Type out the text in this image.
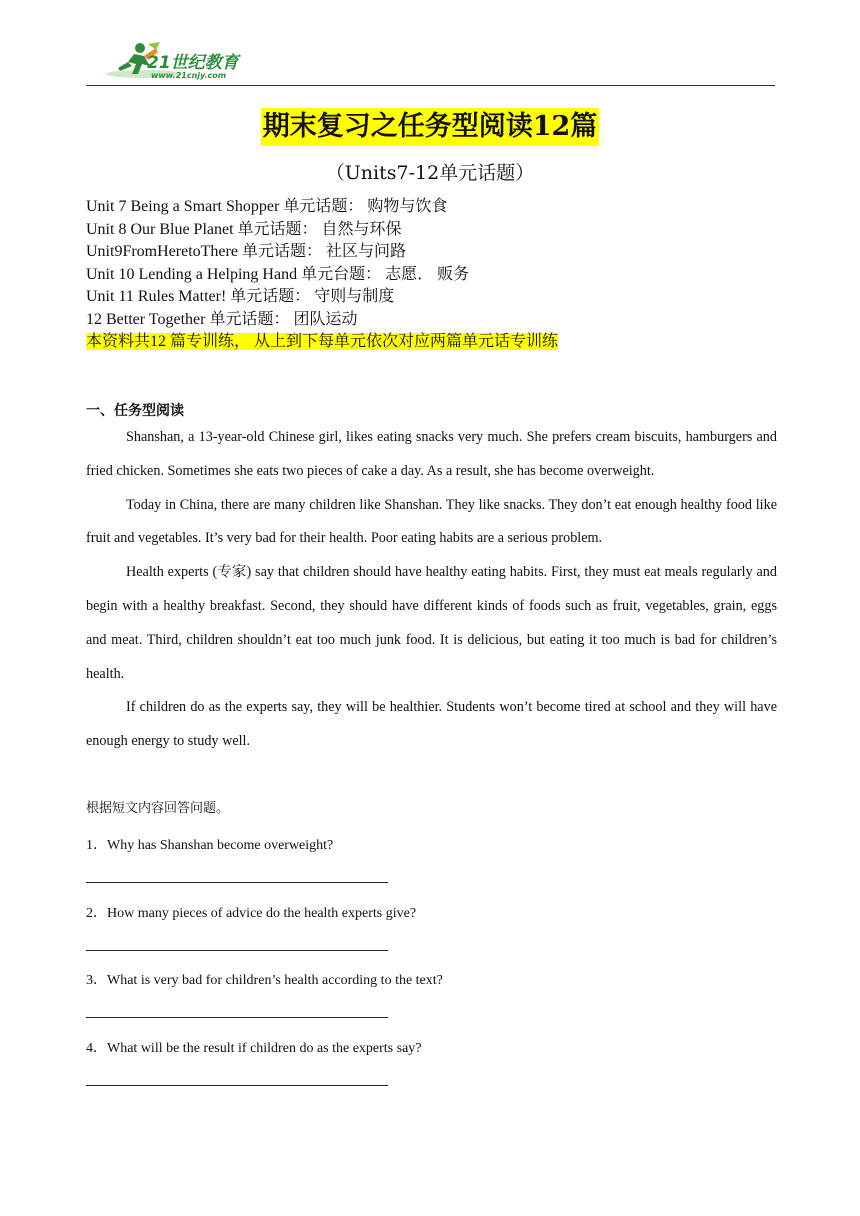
21世纪教育
www.21cnjy.com
期末复习之任务型阅读12篇
（Units7-12单元话题）
Unit 7 Being a Smart Shopper 单元话题： 购物与饮食
Unit 8 Our Blue Planet 单元话题： 自然与环保
Unit9FromHeretoThere 单元话题： 社区与问路
Unit 10 Lending a Helping Hand 单元台题： 志愿． 贩务
Unit 11 Rules Matter! 单元话题： 守则与制度
12 Better Together 单元话题： 团队运动
本资料共12 篇专训练， 从上到下每单元依次对应两篇单元话专训练
一、任务型阅读

Shanshan, a 13-year-old Chinese girl, likes eating snacks very much. She prefers cream biscuits, hamburgers and fried chicken. Sometimes she eats two pieces of cake a day. As a result, she has become overweight.

Today in China, there are many children like Shanshan. They like snacks. They don’t eat enough healthy food like fruit and vegetables. It’s very bad for their health. Poor eating habits are a serious problem.

Health experts (专家) say that children should have healthy eating habits. First, they must eat meals regularly and begin with a healthy breakfast. Second, they should have different kinds of foods such as fruit, vegetables, grain, eggs and meat. Third, children shouldn’t eat too much junk food. It is delicious, but eating it too much is bad for children’s health.

If children do as the experts say, they will be healthier. Students won’t become tired at school and they will have enough energy to study well.

根据短文内容回答问题。
1．Why has Shanshan become overweight?
2．How many pieces of advice do the health experts give?
3．What is very bad for children’s health according to the text?
4．What will be the result if children do as the experts say?
